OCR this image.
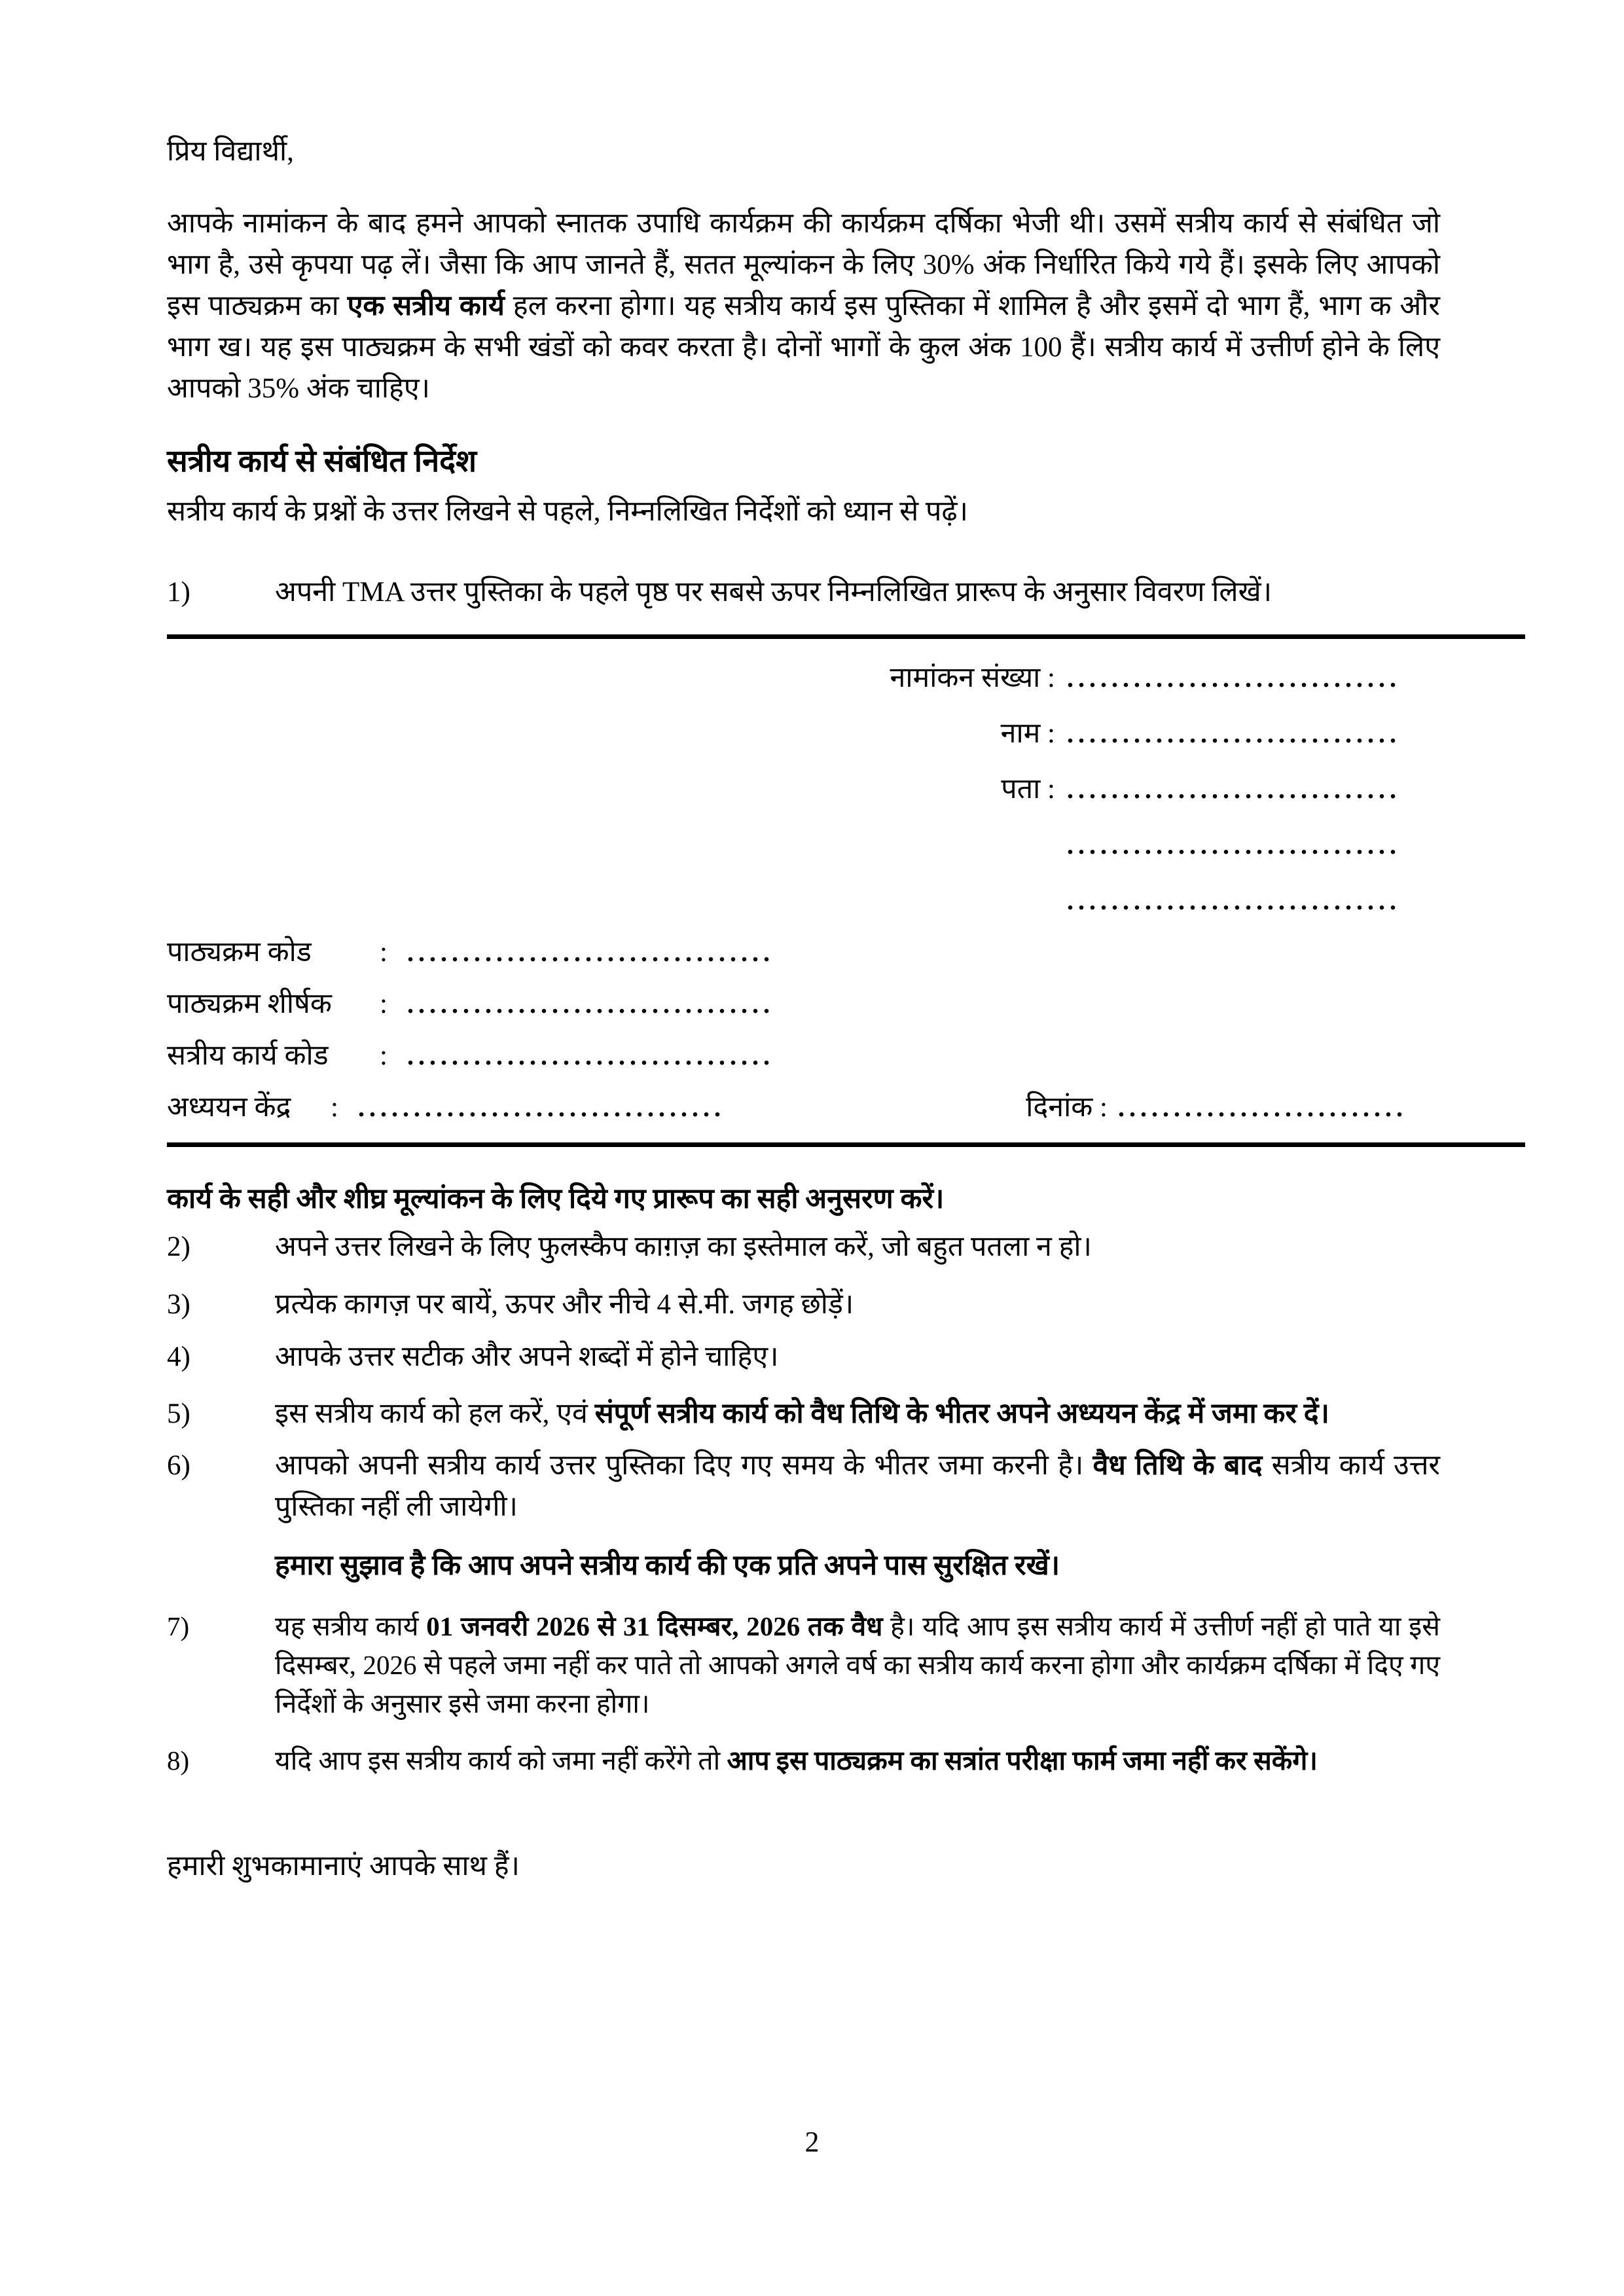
प्रिय विद्यार्थी,

आपके नामांकन के बाद हमने आपको स्नातक उपाधि कार्यक्रम की कार्यक्रम दर्षिका भेजी थी। उसमें सत्रीय कार्य से संबंधित जो भाग है, उसे कृपया पढ़ लें। जैसा कि आप जानते हैं, सतत मूल्यांकन के लिए 30% अंक निर्धारित किये गये हैं। इसके लिए आपको इस पाठ्यक्रम का एक सत्रीय कार्य हल करना होगा। यह सत्रीय कार्य इस पुस्तिका में शामिल है और इसमें दो भाग हैं, भाग क और भाग ख। यह इस पाठ्यक्रम के सभी खंडों को कवर करता है। दोनों भागों के कुल अंक 100 हैं। सत्रीय कार्य में उत्तीर्ण होने के लिए आपको 35% अंक चाहिए।

सत्रीय कार्य से संबंधित निर्देश

सत्रीय कार्य के प्रश्नों के उत्तर लिखने से पहले, निम्नलिखित निर्देशों को ध्यान से पढ़ें।

1)	अपनी TMA उत्तर पुस्तिका के पहले पृष्ठ पर सबसे ऊपर निम्नलिखित प्रारूप के अनुसार विवरण लिखें।
नामांकन संख्या : ..............................
नाम : ..............................
पता : ..............................
..............................
..............................
पाठ्यक्रम कोड	: .................................
पाठ्यक्रम शीर्षक	: .................................
सत्रीय कार्य कोड	: .................................
अध्ययन केंद्र	: .................................	दिनांक : ..........................

कार्य के सही और शीघ्र मूल्यांकन के लिए दिये गए प्रारूप का सही अनुसरण करें।

2)	अपने उत्तर लिखने के लिए फुलस्कैप काग़ज़ का इस्तेमाल करें, जो बहुत पतला न हो।
3)	प्रत्येक कागज़ पर बायें, ऊपर और नीचे 4 से.मी. जगह छोड़ें।
4)	आपके उत्तर सटीक और अपने शब्दों में होने चाहिए।
5)	इस सत्रीय कार्य को हल करें, एवं संपूर्ण सत्रीय कार्य को वैध तिथि के भीतर अपने अध्ययन केंद्र में जमा कर दें।
6)	आपको अपनी सत्रीय कार्य उत्तर पुस्तिका दिए गए समय के भीतर जमा करनी है। वैध तिथि के बाद सत्रीय कार्य उत्तर पुस्तिका नहीं ली जायेगी।

हमारा सुझाव है कि आप अपने सत्रीय कार्य की एक प्रति अपने पास सुरक्षित रखें।

7)	यह सत्रीय कार्य 01 जनवरी 2026 से 31 दिसम्बर, 2026 तक वैध है। यदि आप इस सत्रीय कार्य में उत्तीर्ण नहीं हो पाते या इसे दिसम्बर, 2026 से पहले जमा नहीं कर पाते तो आपको अगले वर्ष का सत्रीय कार्य करना होगा और कार्यक्रम दर्षिका में दिए गए निर्देशों के अनुसार इसे जमा करना होगा।
8)	यदि आप इस सत्रीय कार्य को जमा नहीं करेंगे तो आप इस पाठ्यक्रम का सत्रांत परीक्षा फार्म जमा नहीं कर सकेंगे।

हमारी शुभकामानाएं आपके साथ हैं।

2
